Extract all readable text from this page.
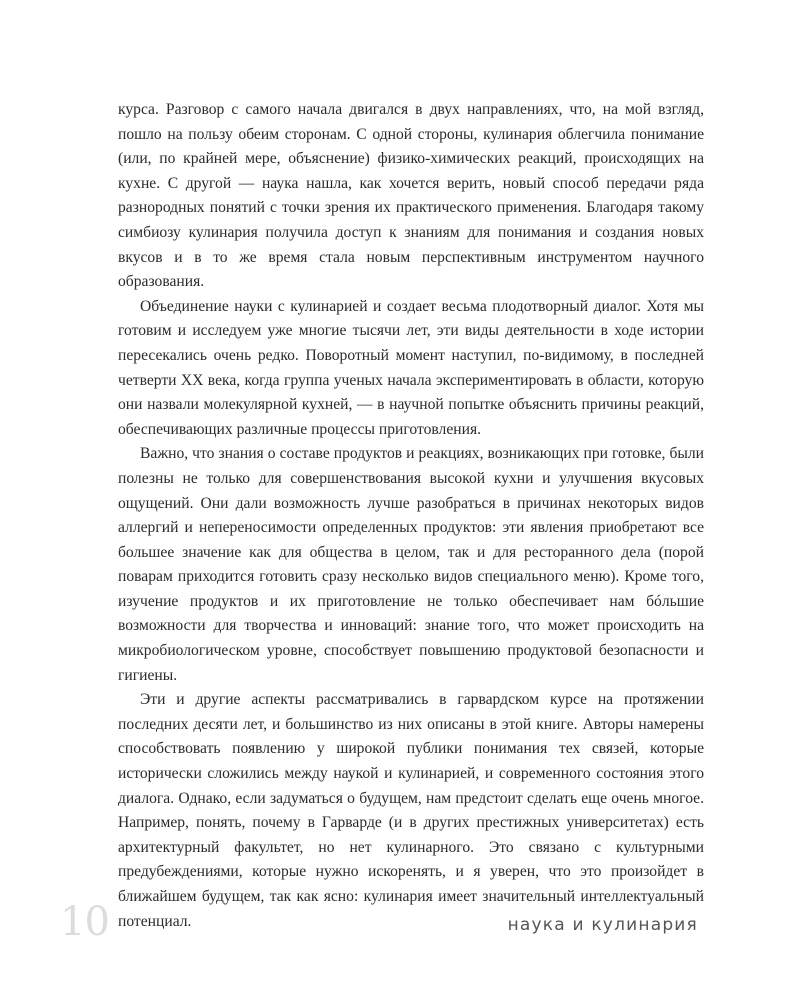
курса. Разговор с самого начала двигался в двух направлениях, что, на мой взгляд, пошло на пользу обеим сторонам. С одной стороны, кулинария облегчила понимание (или, по крайней мере, объяснение) физико-химических реакций, происходящих на кухне. С другой — наука нашла, как хочется верить, новый способ передачи ряда разнородных понятий с точки зрения их практического применения. Благодаря такому симбиозу кулинария получила доступ к знаниям для понимания и создания новых вкусов и в то же время стала новым перспективным инструментом научного образования.

Объединение науки с кулинарией и создает весьма плодотворный диалог. Хотя мы готовим и исследуем уже многие тысячи лет, эти виды деятельности в ходе истории пересекались очень редко. Поворотный момент наступил, по-видимому, в последней четверти XX века, когда группа ученых начала экспериментировать в области, которую они назвали молекулярной кухней, — в научной попытке объяснить причины реакций, обеспечивающих различные процессы приготовления.

Важно, что знания о составе продуктов и реакциях, возникающих при готовке, были полезны не только для совершенствования высокой кухни и улучшения вкусовых ощущений. Они дали возможность лучше разобраться в причинах некоторых видов аллергий и непереносимости определенных продуктов: эти явления приобретают все большее значение как для общества в целом, так и для ресторанного дела (порой поварам приходится готовить сразу несколько видов специального меню). Кроме того, изучение продуктов и их приготовление не только обеспечивает нам бóльшие возможности для творчества и инноваций: знание того, что может происходить на микробиологическом уровне, способствует повышению продуктовой безопасности и гигиены.

Эти и другие аспекты рассматривались в гарвардском курсе на протяжении последних десяти лет, и большинство из них описаны в этой книге. Авторы намерены способствовать появлению у широкой публики понимания тех связей, которые исторически сложились между наукой и кулинарией, и современного состояния этого диалога. Однако, если задуматься о будущем, нам предстоит сделать еще очень многое. Например, понять, почему в Гарварде (и в других престижных университетах) есть архитектурный факультет, но нет кулинарного. Это связано с культурными предубеждениями, которые нужно искоренять, и я уверен, что это произойдет в ближайшем будущем, так как ясно: кулинария имеет значительный интеллектуальный потенциал.

10	наука и кулинария
